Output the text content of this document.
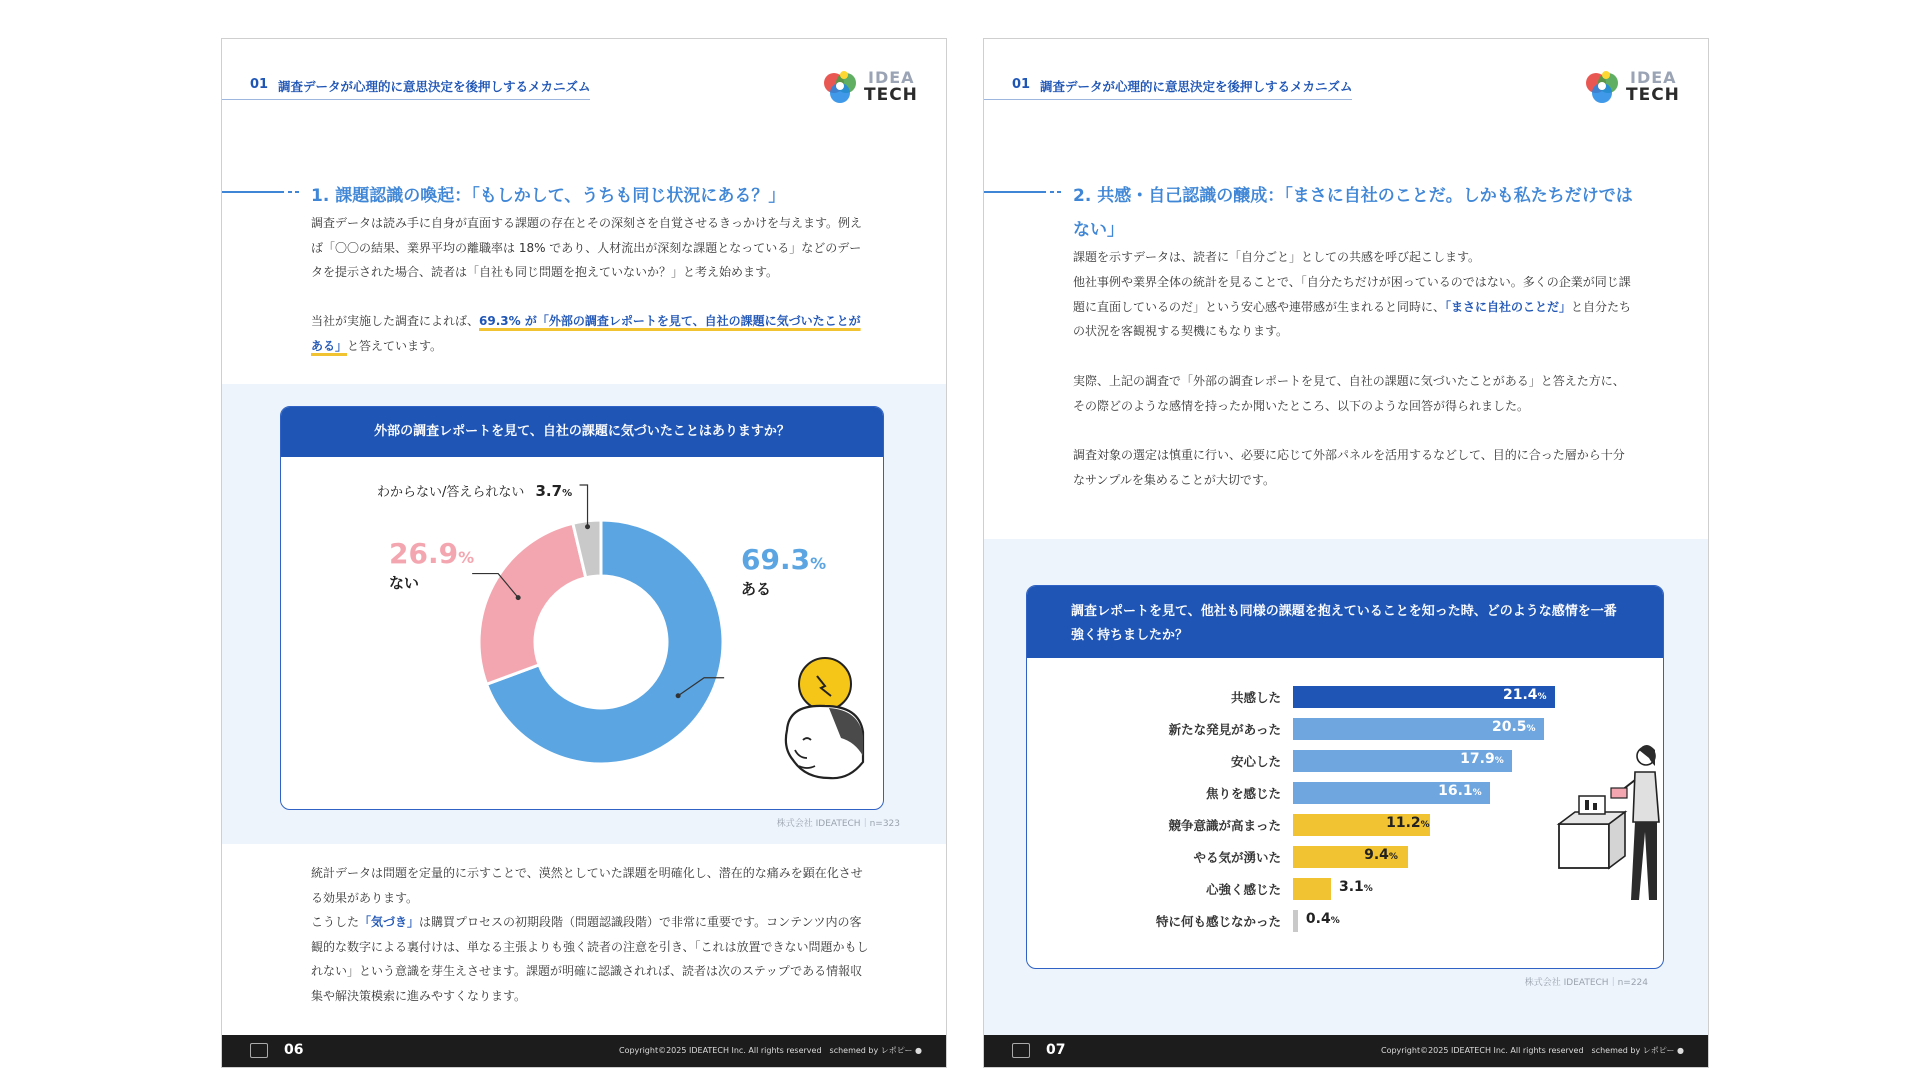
01 調査データが心理的に意思決定を後押しするメカニズム	IDEA
TECH
1. 課題認識の喚起：「もしかして、うちも同じ状況にある？」

調査データは読み手に自身が直面する課題の存在とその深刻さを自覚させるきっかけを与えます。例えば「〇〇の結果、業界平均の離職率は 18% であり、人材流出が深刻な課題となっている」などのデータを提示された場合、読者は「自社も同じ問題を抱えていないか？」と考え始めます。

当社が実施した調査によれば、69.3% が「外部の調査レポートを見て、自社の課題に気づいたことがある」と答えています。

外部の調査レポートを見て、自社の課題に気づいたことはありますか？
69.3%
ある
26.9%
ない
わからない/答えられない 3.7%
株式会社 IDEATECH｜n=323

統計データは問題を定量的に示すことで、漠然としていた課題を明確化し、潜在的な痛みを顕在化させる効果があります。

こうした「気づき」は購買プロセスの初期段階（問題認識段階）で非常に重要です。コンテンツ内の客観的な数字による裏付けは、単なる主張よりも強く読者の注意を引き、「これは放置できない問題かもしれない」という意識を芽生えさせます。課題が明確に認識されれば、読者は次のステップである情報収集や解決策模索に進みやすくなります。

06	Copyright©2025 IDEATECH Inc. All rights reserved　schemed by レポピー ●
01 調査データが心理的に意思決定を後押しするメカニズム	IDEA
TECH
2. 共感・自己認識の醸成：「まさに自社のことだ。しかも私たちだけではない」

課題を示すデータは、読者に「自分ごと」としての共感を呼び起こします。

他社事例や業界全体の統計を見ることで、「自分たちだけが困っているのではない。多くの企業が同じ課題に直面しているのだ」という安心感や連帯感が生まれると同時に、「まさに自社のことだ」と自分たちの状況を客観視する契機にもなります。

実際、上記の調査で「外部の調査レポートを見て、自社の課題に気づいたことがある」と答えた方に、その際どのような感情を持ったか聞いたところ、以下のような回答が得られました。

調査対象の選定は慎重に行い、必要に応じて外部パネルを活用するなどして、目的に合った層から十分なサンプルを集めることが大切です。

調査レポートを見て、他社も同様の課題を抱えていることを知った時、どのような感情を一番強く持ちましたか？
共感した	21.4%
新たな発見があった	20.5%
安心した	17.9%
焦りを感じた	16.1%
競争意識が高まった	11.2%
やる気が湧いた	9.4%
心強く感じた	3.1%
特に何も感じなかった 0.4%
株式会社 IDEATECH｜n=224
07	Copyright©2025 IDEATECH Inc. All rights reserved　schemed by レポピー ●
